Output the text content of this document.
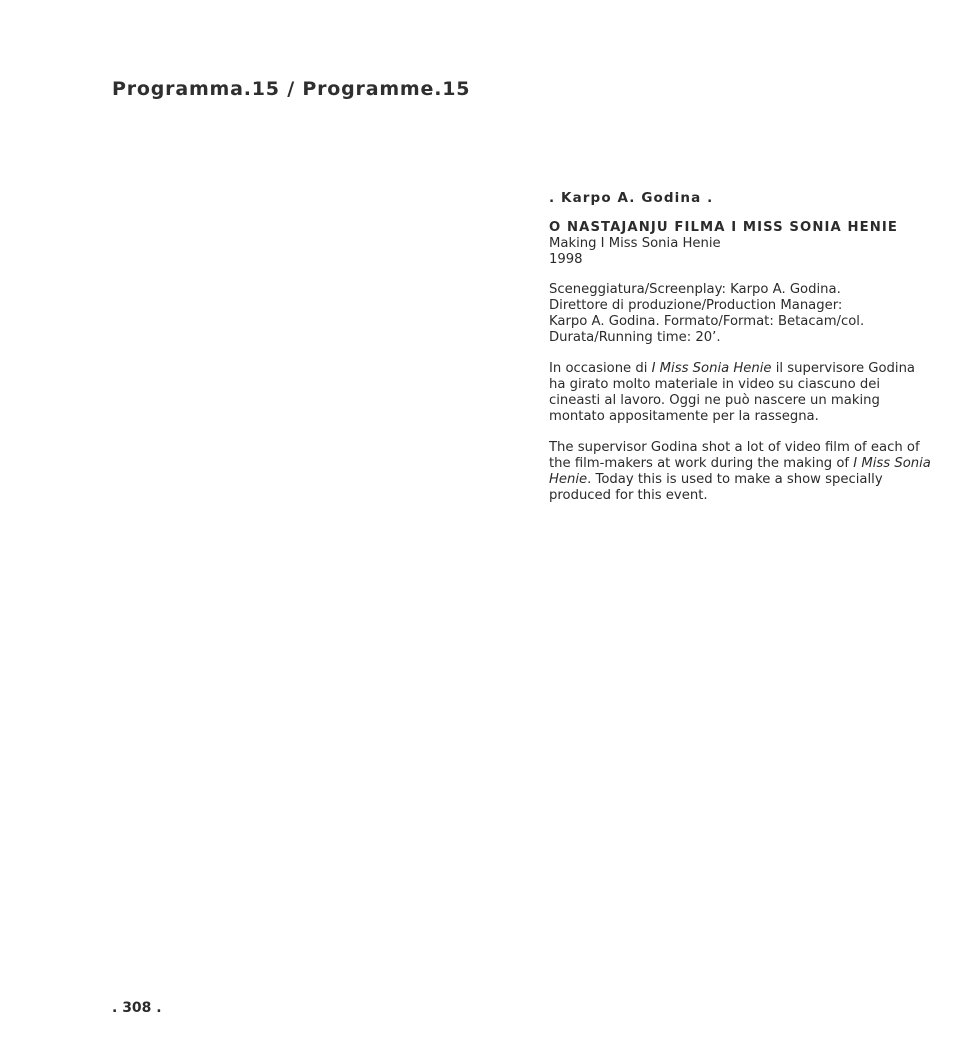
Programma.15 / Programme.15

. Karpo A. Godina .

O NASTAJANJU FILMA I MISS SONIA HENIE

Making I Miss Sonia Henie

1998

Sceneggiatura/Screenplay: Karpo A. Godina.
Direttore di produzione/Production Manager:
Karpo A. Godina. Formato/Format: Betacam/col.
Durata/Running time: 20’.
In occasione di I Miss Sonia Henie il supervisore Godina
ha girato molto materiale in video su ciascuno dei
cineasti al lavoro. Oggi ne può nascere un making
montato appositamente per la rassegna.
The supervisor Godina shot a lot of video film of each of
the film-makers at work during the making of I Miss Sonia
Henie. Today this is used to make a show specially
produced for this event.
. 308 .
